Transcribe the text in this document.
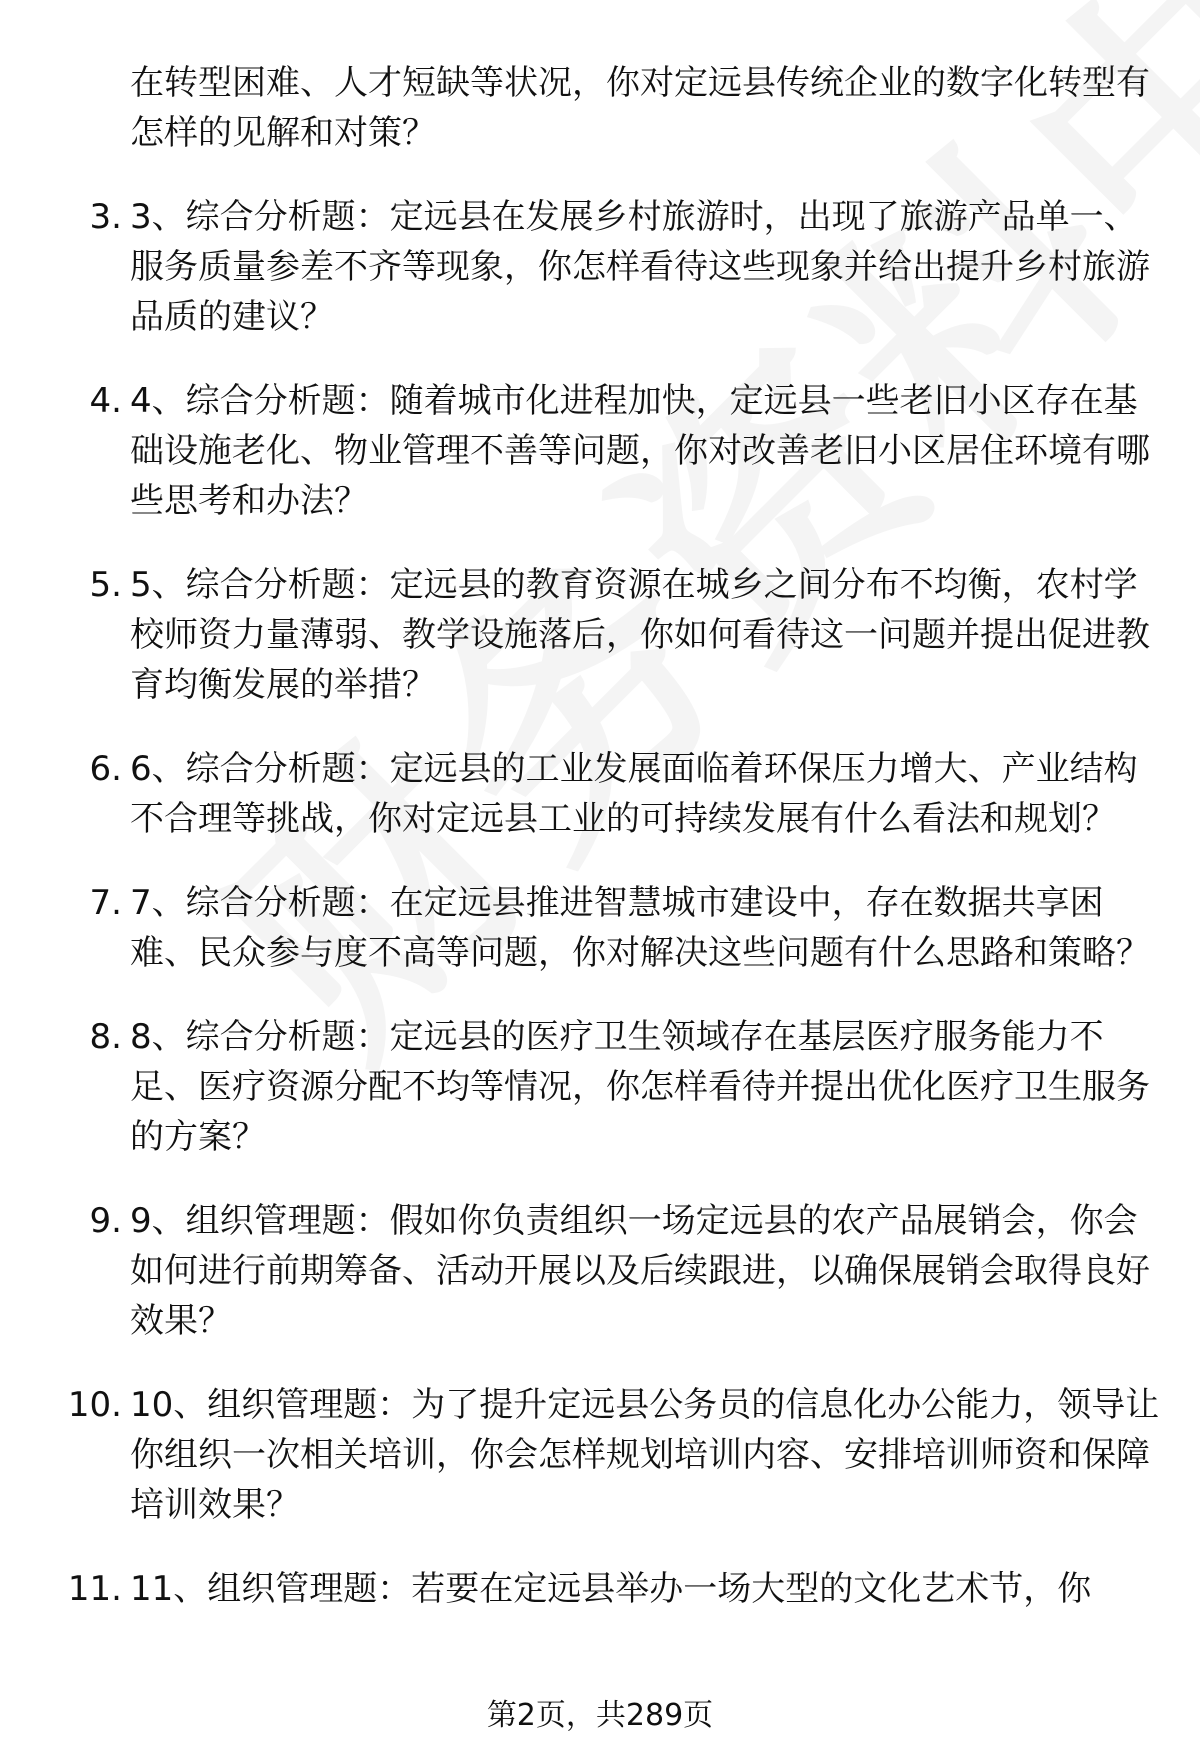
在转型困难、人才短缺等状况，你对定远县传统企业的数字化转型有怎样的见解和对策？
3. 3、综合分析题：定远县在发展乡村旅游时，出现了旅游产品单一、服务质量参差不齐等现象，你怎样看待这些现象并给出提升乡村旅游品质的建议？
4. 4、综合分析题：随着城市化进程加快，定远县一些老旧小区存在基础设施老化、物业管理不善等问题，你对改善老旧小区居住环境有哪些思考和办法？
5. 5、综合分析题：定远县的教育资源在城乡之间分布不均衡，农村学校师资力量薄弱、教学设施落后，你如何看待这一问题并提出促进教育均衡发展的举措？
6. 6、综合分析题：定远县的工业发展面临着环保压力增大、产业结构不合理等挑战，你对定远县工业的可持续发展有什么看法和规划？
7. 7、综合分析题：在定远县推进智慧城市建设中，存在数据共享困难、民众参与度不高等问题，你对解决这些问题有什么思路和策略？
8. 8、综合分析题：定远县的医疗卫生领域存在基层医疗服务能力不足、医疗资源分配不均等情况，你怎样看待并提出优化医疗卫生服务的方案？
9. 9、组织管理题：假如你负责组织一场定远县的农产品展销会，你会如何进行前期筹备、活动开展以及后续跟进，以确保展销会取得良好效果？
10. 10、组织管理题：为了提升定远县公务员的信息化办公能力，领导让你组织一次相关培训，你会怎样规划培训内容、安排培训师资和保障培训效果？
11. 11、组织管理题：若要在定远县举办一场大型的文化艺术节，你
第2页，共289页
